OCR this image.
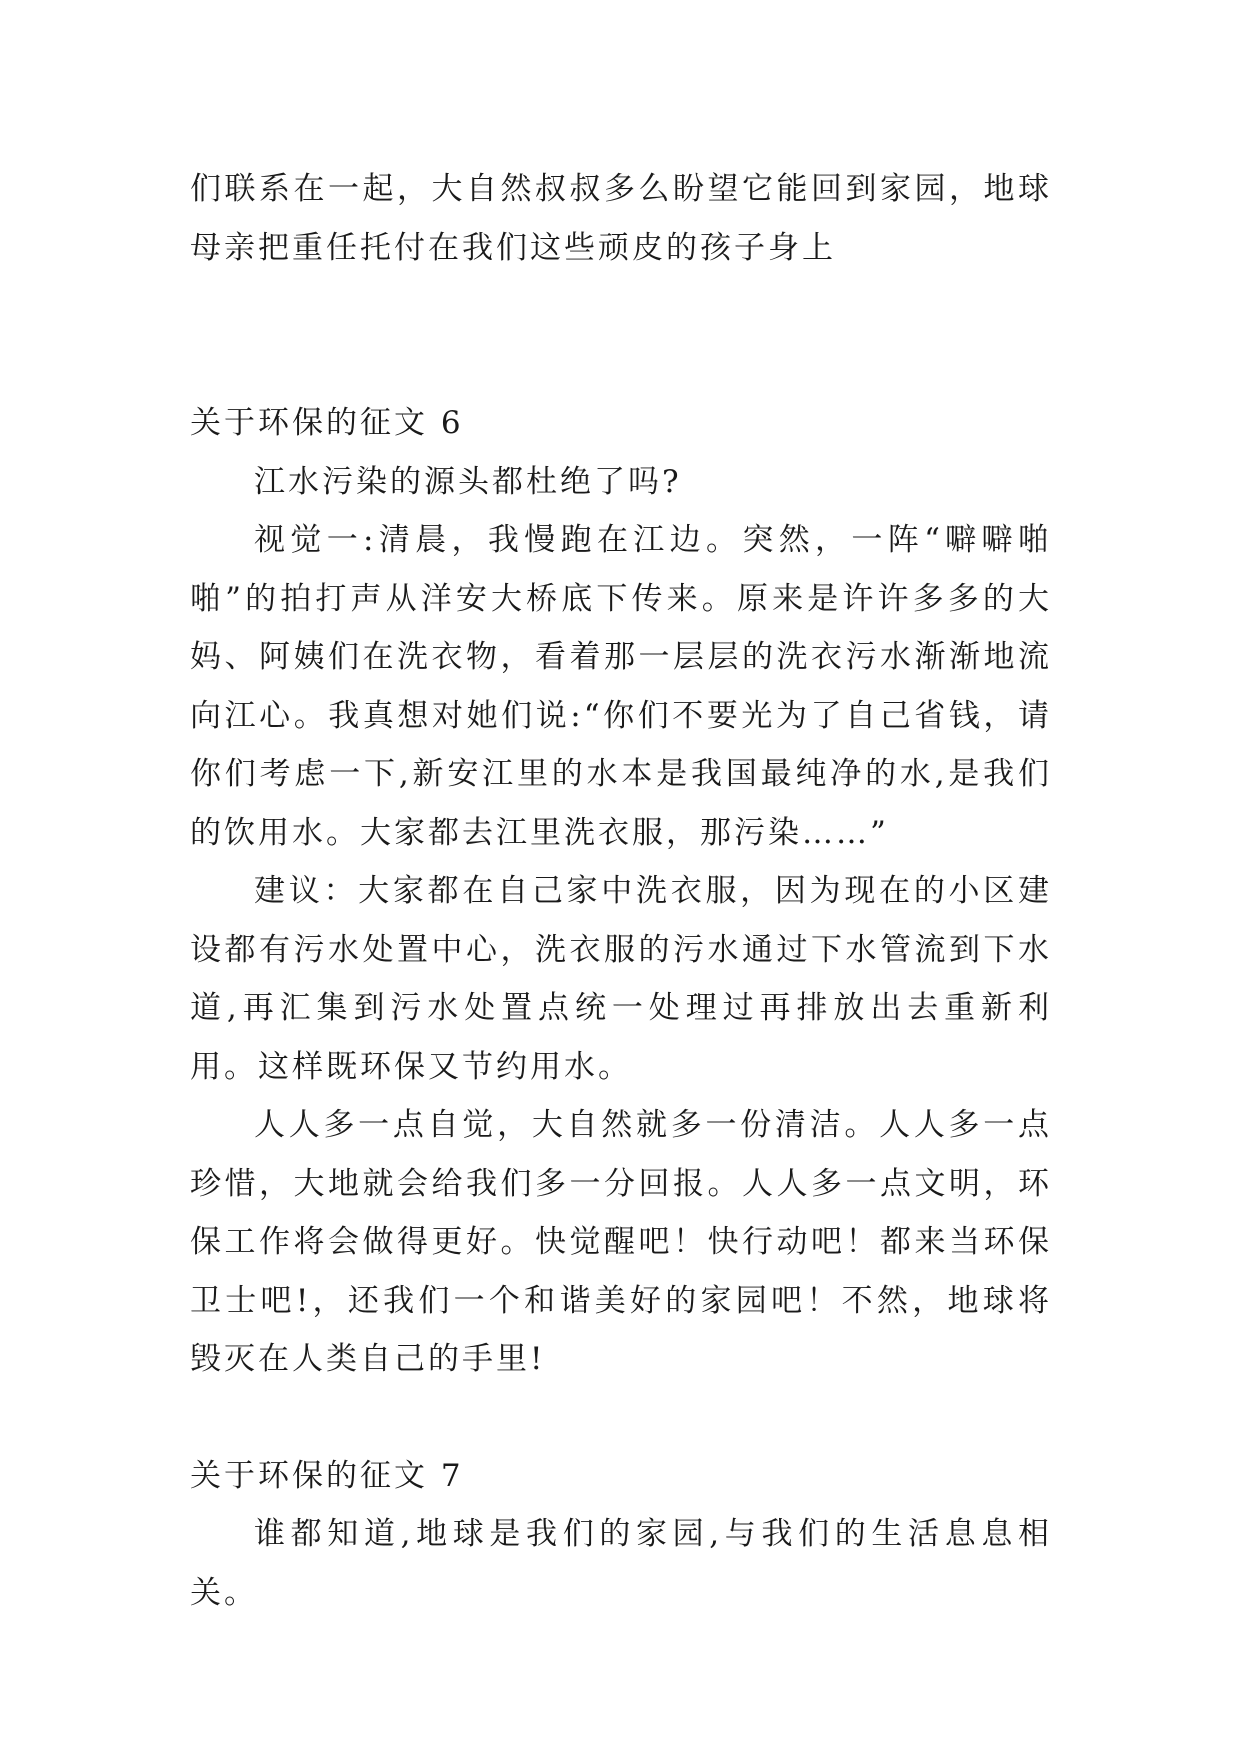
们联系在一起，大自然叔叔多么盼望它能回到家园，地球母亲把重任托付在我们这些顽皮的孩子身上

关于环保的征文 6

江水污染的源头都杜绝了吗?

视觉一:清晨，我慢跑在江边。突然，一阵“噼噼啪啪”的拍打声从洋安大桥底下传来。原来是许许多多的大妈、阿姨们在洗衣物，看着那一层层的洗衣污水渐渐地流向江心。我真想对她们说:“你们不要光为了自己省钱，请你们考虑一下,新安江里的水本是我国最纯净的水,是我们的饮用水。大家都去江里洗衣服，那污染……”

建议：大家都在自己家中洗衣服，因为现在的小区建设都有污水处置中心，洗衣服的污水通过下水管流到下水道,再汇集到污水处置点统一处理过再排放出去重新利用。这样既环保又节约用水。

人人多一点自觉，大自然就多一份清洁。人人多一点珍惜，大地就会给我们多一分回报。人人多一点文明，环保工作将会做得更好。快觉醒吧！快行动吧！都来当环保卫士吧!，还我们一个和谐美好的家园吧！不然，地球将毁灭在人类自己的手里!

关于环保的征文 7

谁都知道,地球是我们的家园,与我们的生活息息相关。
